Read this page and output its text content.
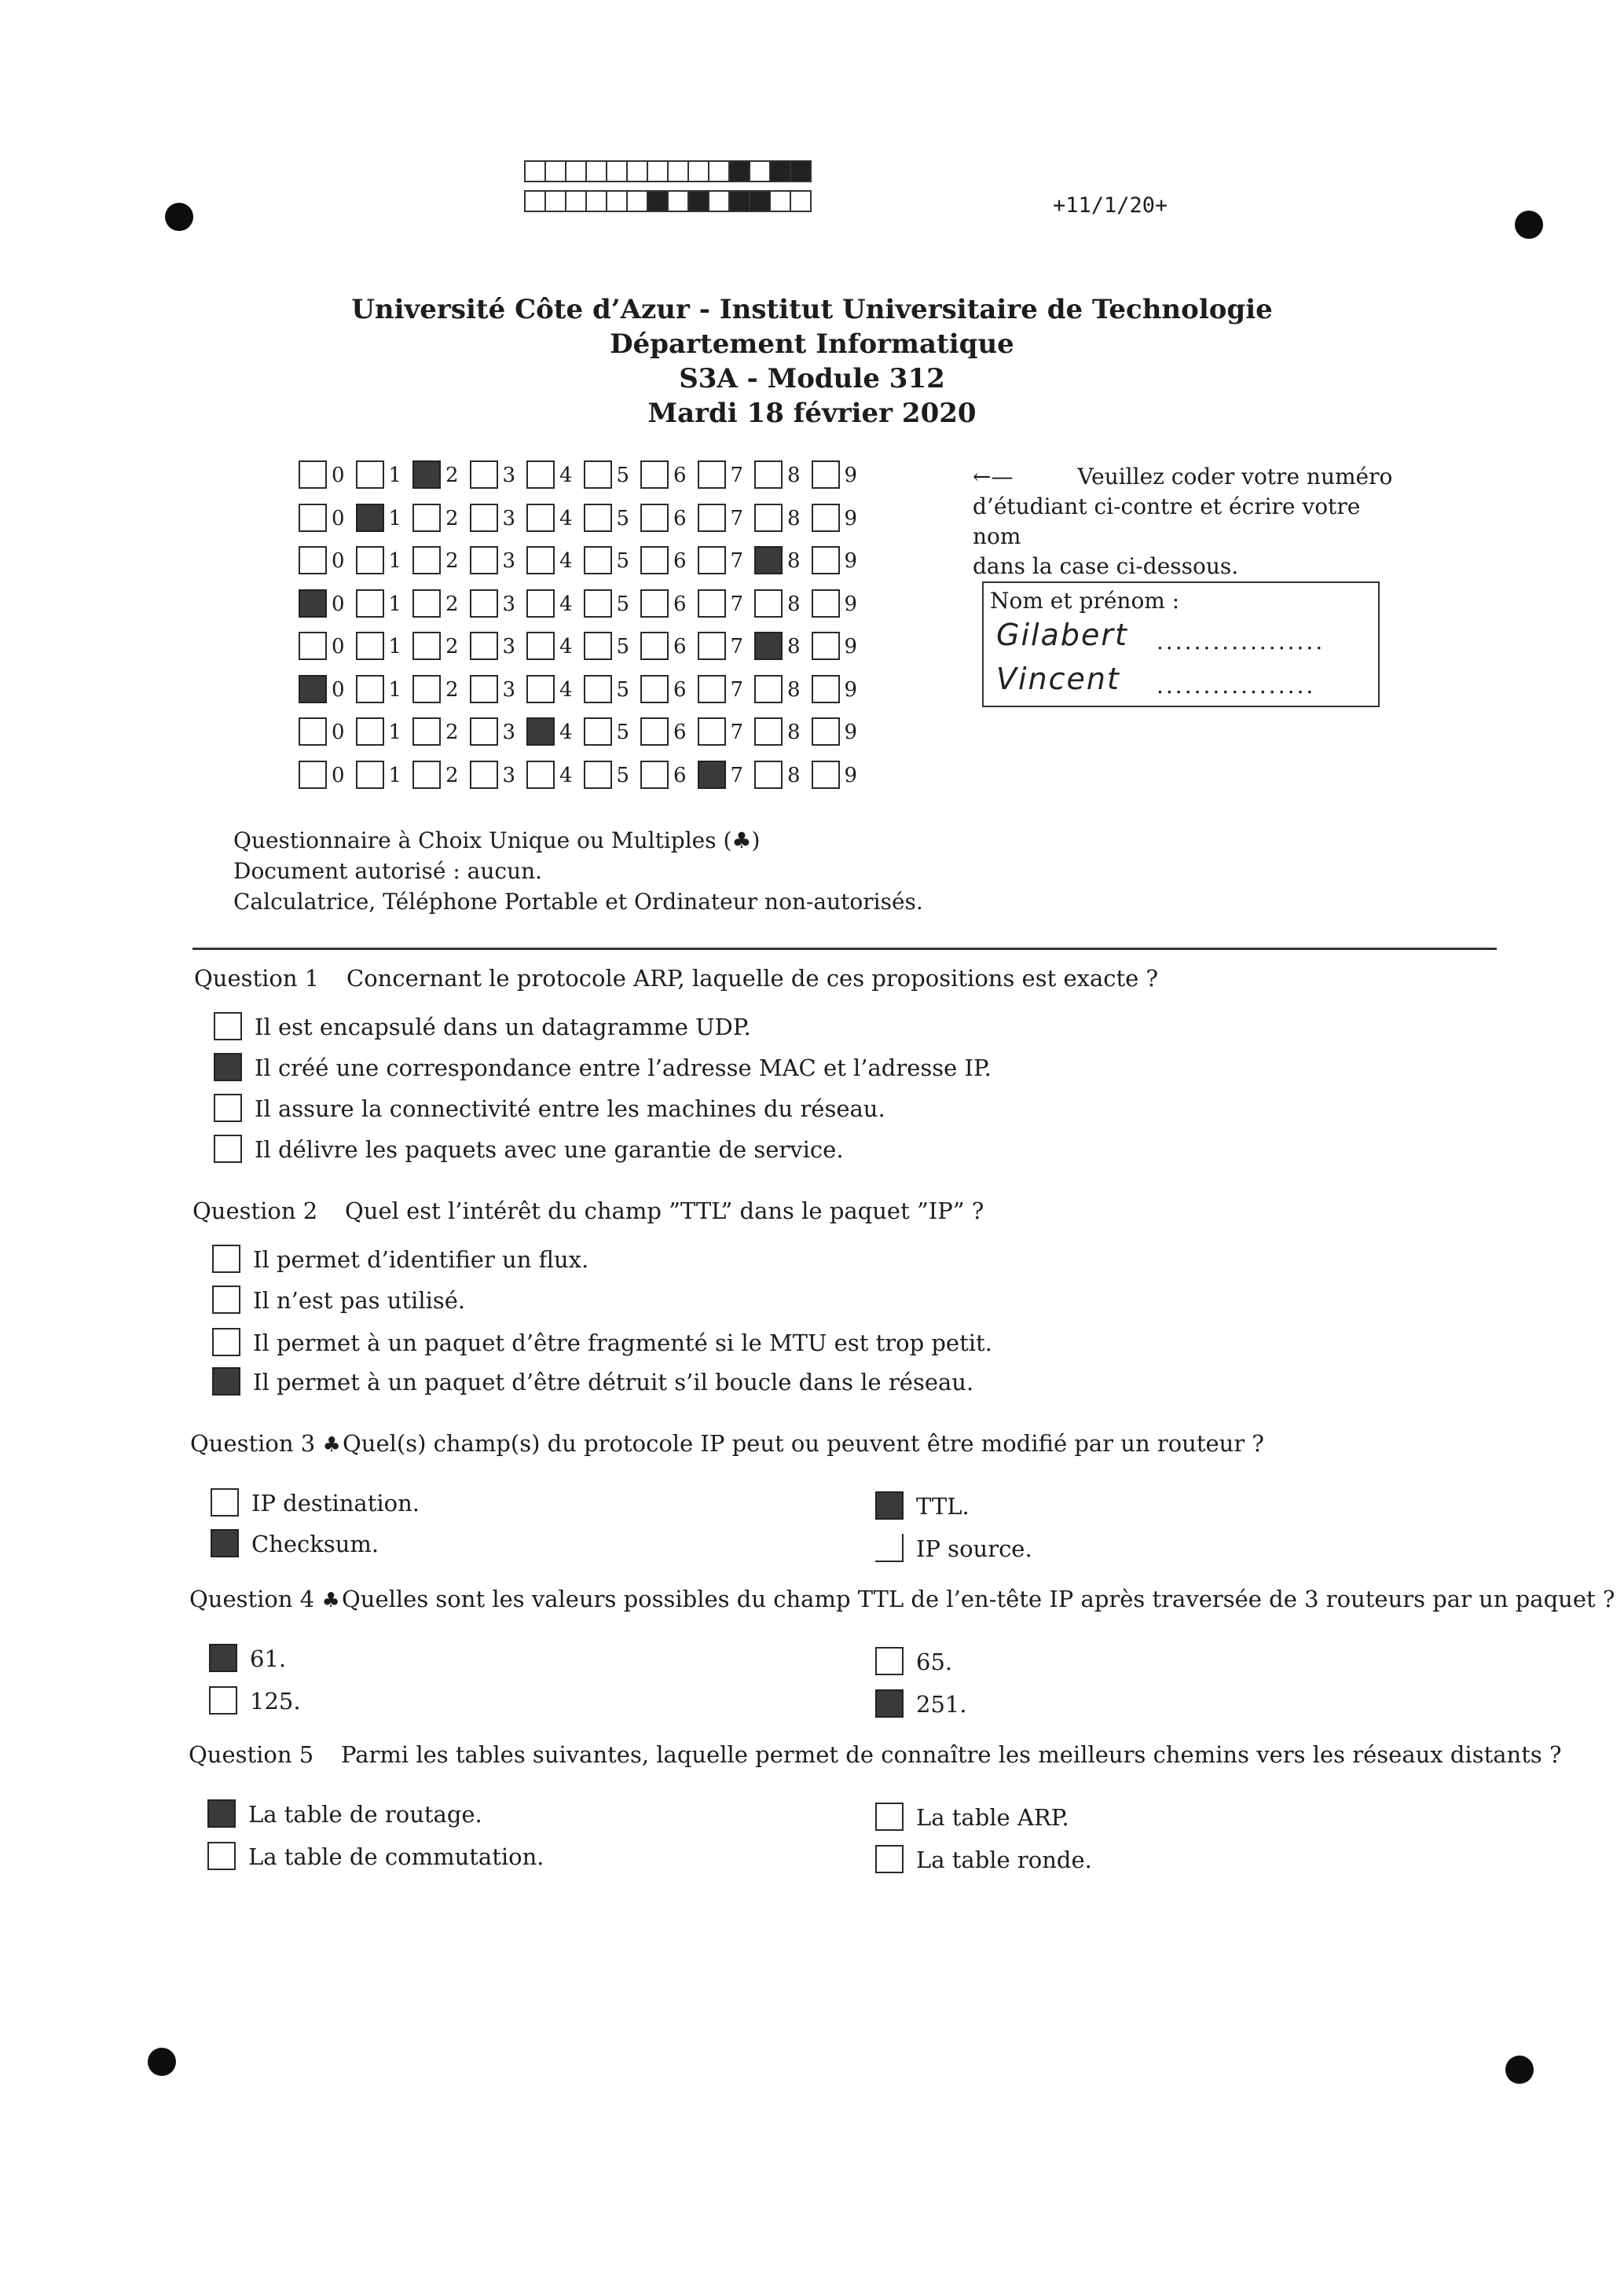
+11/1/20+
Université Côte d’Azur - Institut Universitaire de Technologie
Département Informatique
S3A - Module 312
Mardi 18 février 2020
0 1 2 3 4 5 6 7 8 9
0 1 2 3 4 5 6 7 8 9
0 1 2 3 4 5 6 7 8 9
0 1 2 3 4 5 6 7 8 9
0 1 2 3 4 5 6 7 8 9
0 1 2 3 4 5 6 7 8 9
0 1 2 3 4 5 6 7 8 9
0 1 2 3 4 5 6 7 8 9
←—	Veuillez coder votre numéro
d’étudiant ci-contre et écrire votre nom
dans la case ci-dessous.
Nom et prénom :
Gilabert ..................
Vincent .................
Questionnaire à Choix Unique ou Multiples (♣)
Document autorisé : aucun.
Calculatrice, Téléphone Portable et Ordinateur non-autorisés.
Question 1 Concernant le protocole ARP, laquelle de ces propositions est exacte ?
Il est encapsulé dans un datagramme UDP.
Il créé une correspondance entre l’adresse MAC et l’adresse IP.
Il assure la connectivité entre les machines du réseau.
Il délivre les paquets avec une garantie de service.
Question 2 Quel est l’intérêt du champ ”TTL” dans le paquet ”IP” ?
Il permet d’identifier un flux.
Il n’est pas utilisé.
Il permet à un paquet d’être fragmenté si le MTU est trop petit.
Il permet à un paquet d’être détruit s’il boucle dans le réseau.
Question 3 ♣Quel(s) champ(s) du protocole IP peut ou peuvent être modifié par un routeur ?
IP destination.
Checksum.
TTL.
IP source.
Question 4 ♣Quelles sont les valeurs possibles du champ TTL de l’en-tête IP après traversée de 3 routeurs par un paquet ?
61.
125.
65.
251.
Question 5 Parmi les tables suivantes, laquelle permet de connaître les meilleurs chemins vers les réseaux distants ?
La table de routage.
La table de commutation.
La table ARP.
La table ronde.
